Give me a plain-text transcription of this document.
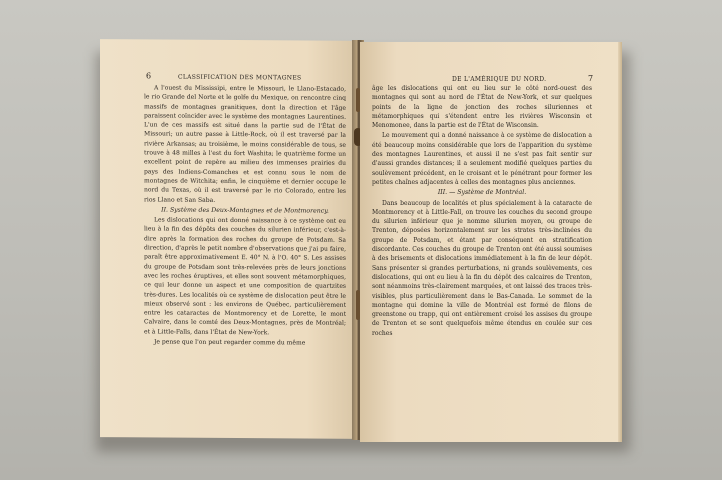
6	CLASSIFICATION DES MONTAGNES

A l'ouest du Mississipi, entre le Missouri, le Llano-Estacado, le rio Grande del Norte et le golfe du Mexique, on rencontre cinq massifs de montagnes granitiques, dont la direction et l'âge paraissent coïncider avec le système des montagnes Laurentines. L'un de ces massifs est situé dans la partie sud de l'État de Missouri; un autre passe à Little-Rock, où il est traversé par la rivière Arkansas; au troisième, le moins considérable de tous, se trouve à 48 milles à l'est du fort Washita; le quatrième forme un excellent point de repère au milieu des immenses prairies du pays des Indiens-Comanches et est connu sous le nom de montagnes de Witchita; enfin, le cinquième et dernier occupe le nord du Texas, où il est traversé par le rio Colorado, entre les rios Llano et San Saba.

II. Système des Deux-Montagnes et de Montmorency.

Les dislocations qui ont donné naissance à ce système ont eu lieu à la fin des dépôts des couches du silurien inférieur, c'est-à-dire après la formation des roches du groupe de Potsdam. Sa direction, d'après le petit nombre d'observations que j'ai pu faire, paraît être approximativement E. 40° N. à l'O. 40° S. Les assises du groupe de Potsdam sont très-relevées près de leurs jonctions avec les roches éruptives, et elles sont souvent métamorphiques, ce qui leur donne un aspect et une composition de quartzites très-dures. Les localités où ce système de dislocation peut être le mieux observé sont : les environs de Québec, particulièrement entre les cataractes de Montmorency et de Lorette, le mont Calvaire, dans le comté des Deux-Montagnes, près de Montréal; et à Little-Falls, dans l'État de New-York.

Je pense que l'on peut regarder comme du même

DE L'AMÉRIQUE DU NORD.	7

âge les dislocations qui ont eu lieu sur le côté nord-ouest des montagnes qui sont au nord de l'État de New-York, et sur quelques points de la ligne de jonction des roches siluriennes et métamorphiques qui s'étendent entre les rivières Wisconsin et Menomonee, dans la partie est de l'État de Wisconsin.

Le mouvement qui a donné naissance à ce système de dislocation a été beaucoup moins considérable que lors de l'apparition du système des montagnes Laurentines, et aussi il ne s'est pas fait sentir sur d'aussi grandes distances; il a seulement modifié quelques parties du soulèvement précédent, en le croisant et le pénétrant pour former les petites chaînes adjacentes à celles des montagnes plus anciennes.

III. — Système de Montréal.

Dans beaucoup de localités et plus spécialement à la cataracte de Montmorency et à Little-Fall, on trouve les couches du second groupe du silurien inférieur que je nomme silurien moyen, ou groupe de Trenton, déposées horizontalement sur les strates très-inclinées du groupe de Potsdam, et étant par conséquent en stratification discordante. Ces couches du groupe de Trenton ont été aussi soumises à des brisements et dislocations immédiatement à la fin de leur dépôt. Sans présenter si grandes perturbations, ni grands soulèvements, ces dislocations, qui ont eu lieu à la fin du dépôt des calcaires de Trenton, sont néanmoins très-clairement marquées, et ont laissé des traces très-visibles, plus particulièrement dans le Bas-Canada. Le sommet de la montagne qui domine la ville de Montréal est formé de filons de greenstone ou trapp, qui ont entièrement croisé les assises du groupe de Trenton et se sont quelquefois même étendus en coulée sur ces roches
